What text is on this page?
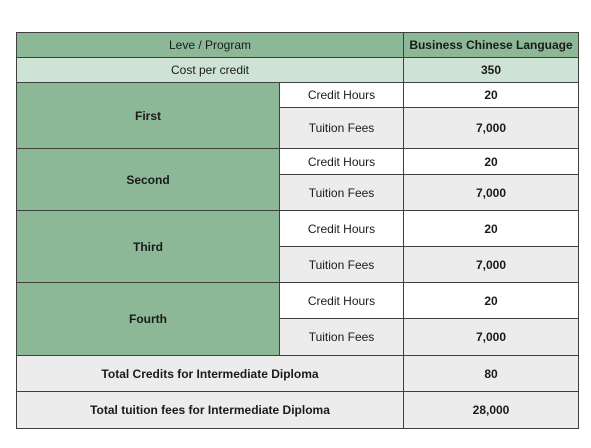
Leve / Program		Business Chinese Language
Cost per credit		350
First	Credit Hours	20
	Tuition Fees	7,000
Second	Credit Hours	20
	Tuition Fees	7,000
Third	Credit Hours	20
	Tuition Fees	7,000
Fourth	Credit Hours	20
	Tuition Fees	7,000
Total Credits for Intermediate Diploma		80
Total tuition fees for Intermediate Diploma		28,000
